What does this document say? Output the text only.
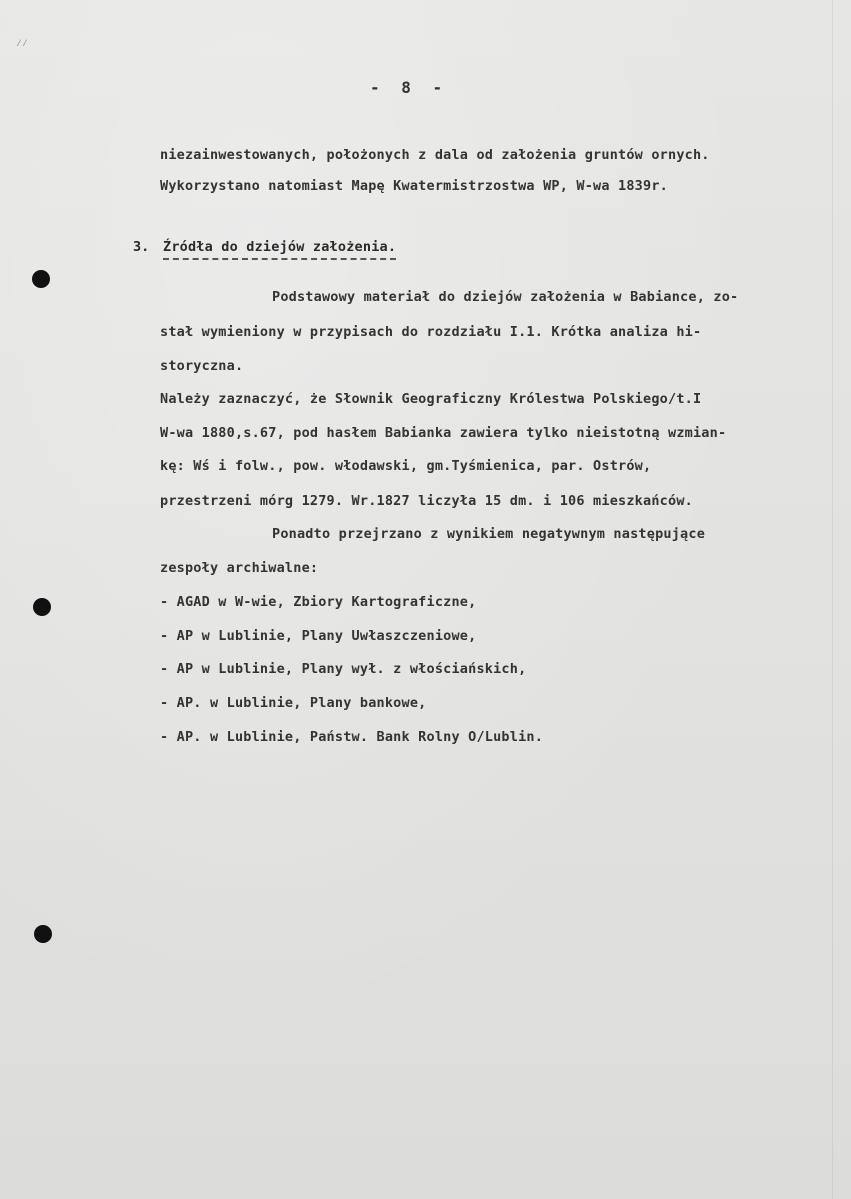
⁄⁄
- 8 -
niezainwestowanych, położonych z dala od założenia gruntów ornych.
Wykorzystano natomiast Mapę Kwatermistrzostwa WP, W-wa 1839r.
3. Źródła do dziejów założenia.
Podstawowy materiał do dziejów założenia w Babiance, zo-
stał wymieniony w przypisach do rozdziału I.1. Krótka analiza hi-
storyczna.
Należy zaznaczyć, że Słownik Geograficzny Królestwa Polskiego/t.I
W-wa 1880,s.67, pod hasłem Babianka zawiera tylko nieistotną wzmian-
kę: Wś i folw., pow. włodawski, gm.Tyśmienica, par. Ostrów,
przestrzeni mórg 1279. Wr.1827 liczyła 15 dm. i 106 mieszkańców.
Ponadto przejrzano z wynikiem negatywnym następujące
zespoły archiwalne:
- AGAD w W-wie, Zbiory Kartograficzne,
- AP w Lublinie, Plany Uwłaszczeniowe,
- AP w Lublinie, Plany wył. z włościańskich,
- AP. w Lublinie, Plany bankowe,
- AP. w Lublinie, Państw. Bank Rolny O/Lublin.
